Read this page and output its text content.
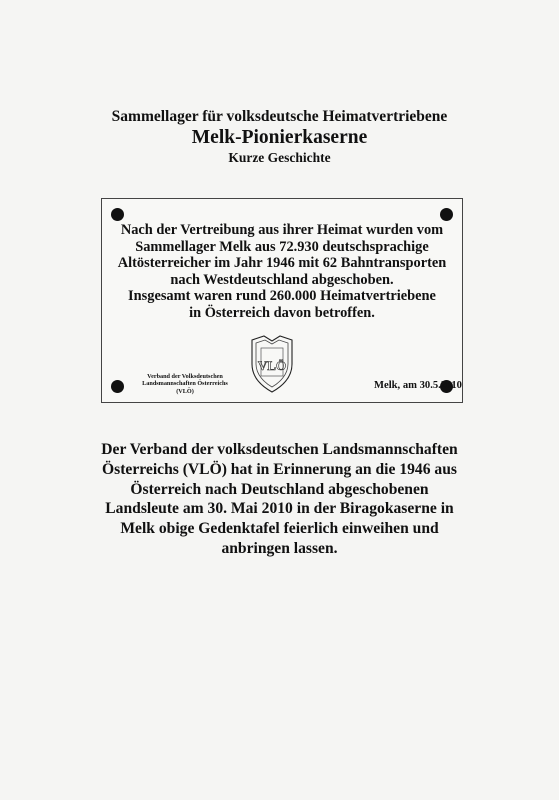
Sammellager für volksdeutsche Heimatvertriebene
Melk-Pionierkaserne
Kurze Geschichte
Nach der Vertreibung aus ihrer Heimat wurden vom
Sammellager Melk aus 72.930 deutschsprachige
Altösterreicher im Jahr 1946 mit 62 Bahntransporten
nach Westdeutschland abgeschoben.
Insgesamt waren rund 260.000 Heimatvertriebene
in Österreich davon betroffen.
VLÖ
Verband der Volksdeutschen
Landsmannschaften Österreichs
(VLÖ)
Melk, am 30.5.2010
Der Verband der volksdeutschen Landsmannschaften
Österreichs (VLÖ) hat in Erinnerung an die 1946 aus
Österreich nach Deutschland abgeschobenen
Landsleute am 30. Mai 2010 in der Biragokaserne in
Melk obige Gedenktafel feierlich einweihen und
anbringen lassen.
